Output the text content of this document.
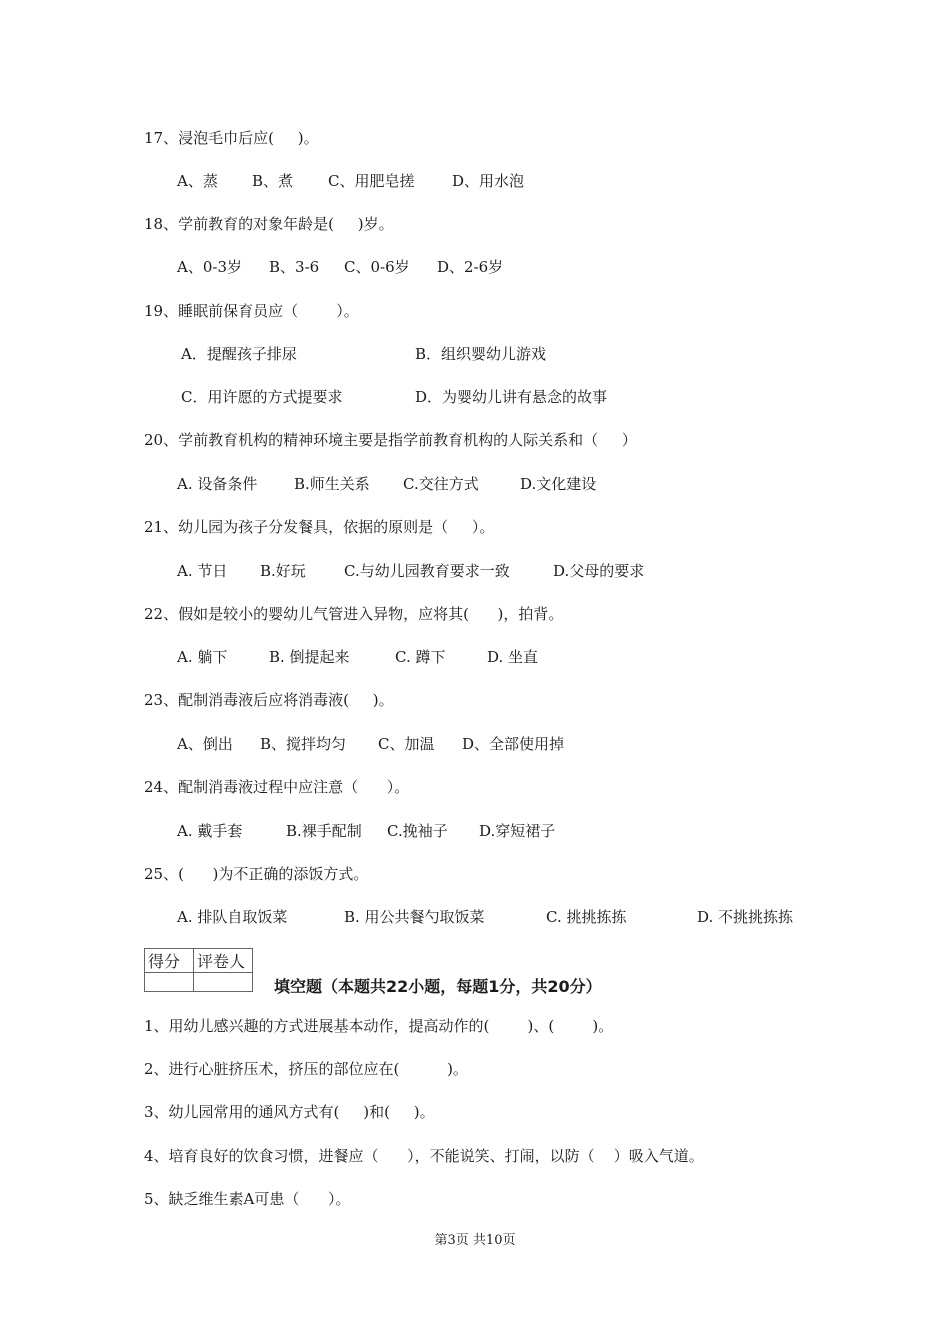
17、浸泡毛巾后应(     )。
A、蒸 B、煮 C、用肥皂搓	D、用水泡
18、学前教育的对象年龄是(     )岁。
A、0-3岁 B、3-6 C、0-6岁 D、2-6岁
19、睡眠前保育员应（        ）。
A．提醒孩子排尿	B．组织婴幼儿游戏
C．用许愿的方式提要求	D．为婴幼儿讲有悬念的故事
20、学前教育机构的精神环境主要是指学前教育机构的人际关系和（     ）
A. 设备条件 B.师生关系 C.交往方式	D.文化建设
21、幼儿园为孩子分发餐具，依据的原则是（     ）。
A. 节日 B.好玩	C.与幼儿园教育要求一致	D.父母的要求
22、假如是较小的婴幼儿气管进入异物，应将其(      )，拍背。
A. 躺下	B. 倒提起来	C. 蹲下	D. 坐直
23、配制消毒液后应将消毒液(     )。
A、倒出 B、搅拌均匀 C、加温 D、全部使用掉
24、配制消毒液过程中应注意（      ）。
A. 戴手套	B.裸手配制 C.挽袖子 D.穿短裙子
25、(      )为不正确的添饭方式。
A. 排队自取饭菜	B. 用公共餐勺取饭菜	C. 挑挑拣拣	D. 不挑挑拣拣
得分	评卷人

填空题（本题共22小题，每题1分，共20分）
1、用幼儿感兴趣的方式进展基本动作，提高动作的(        )、(        )。
2、进行心脏挤压术，挤压的部位应在(          )。
3、幼儿园常用的通风方式有(     )和(     )。
4、培育良好的饮食习惯，进餐应（      ），不能说笑、打闹，以防（    ）吸入气道。
5、缺乏维生素A可患（      ）。
第3页 共10页
